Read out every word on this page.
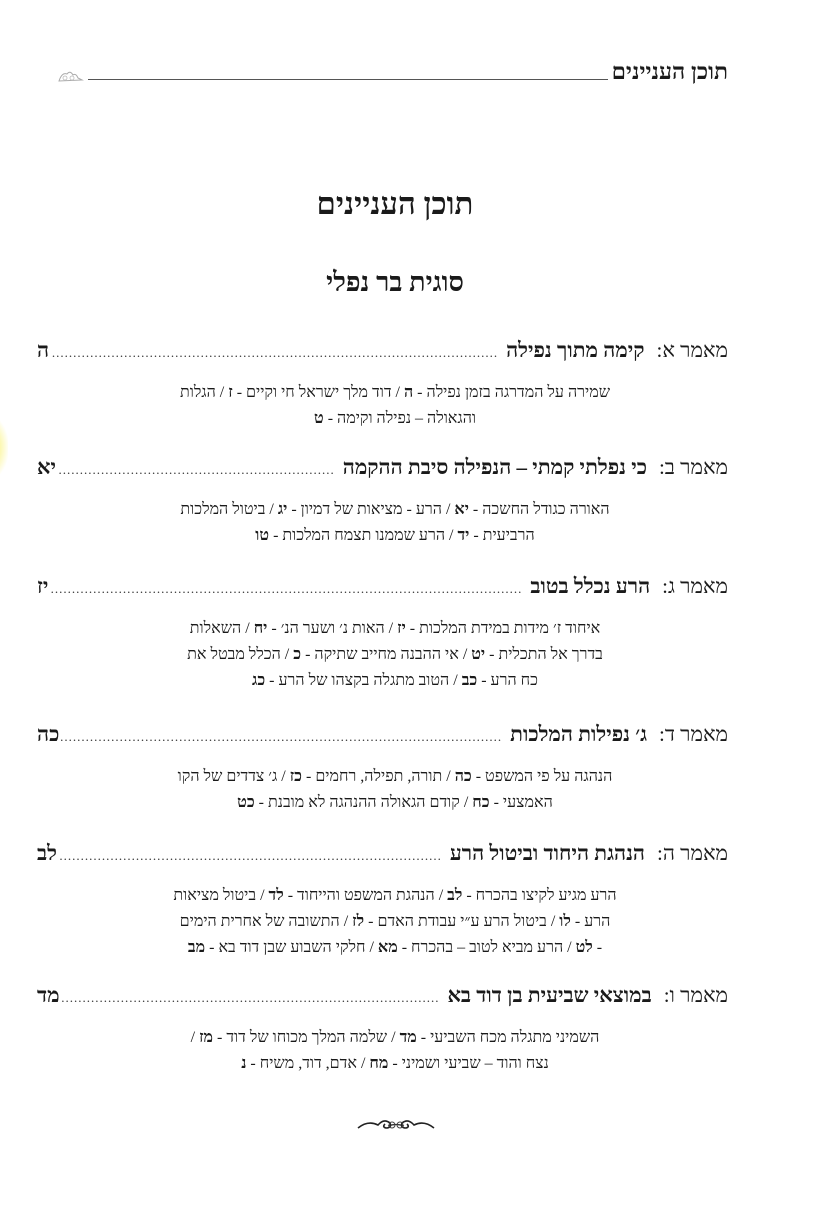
תוכן העניינים
תוכן העניינים
סוגית בר נפלי
מאמר א:
קימה מתוך נפילה
.....
ה
שמירה על המדרגה בזמן נפילה - ה / דוד מלך ישראל חי וקיים - ז / הגלות
והגאולה – נפילה וקימה - ט
מאמר ב:
כי נפלתי קמתי – הנפילה סיבת ההקמה
.....
יא
האורה כגודל החשכה - יא / הרע - מציאות של דמיון - יג / ביטול המלכות
הרביעית - יד / הרע שממנו תצמח המלכות - טו
מאמר ג:
הרע נכלל בטוב
.....
יז
איחוד ז׳ מידות במידת המלכות - יז / האות נ׳ ושער הנ׳ - יח / השאלות
בדרך אל התכלית - יט / אי ההבנה מחייב שתיקה - כ / הכלל מבטל את
כח הרע - כב / הטוב מתגלה בקצהו של הרע - כג
מאמר ד:
ג׳ נפילות המלכות
.....
כה
הנהגה על פי המשפט - כה / תורה, תפילה, רחמים - כז / ג׳ צדדים של הקו
האמצעי - כח / קודם הגאולה ההנהגה לא מובנת - כט
מאמר ה:
הנהגת היחוד וביטול הרע
.....
לב
הרע מגיע לקיצו בהכרח - לב / הנהגת המשפט והייחוד - לד / ביטול מציאות
הרע - לו / ביטול הרע ע״י עבודת האדם - לז / התשובה של אחרית הימים
- לט / הרע מביא לטוב – בהכרח - מא / חלקי השבוע שבן דוד בא - מב
מאמר ו:
במוצאי שביעית בן דוד בא
.....
מד
השמיני מתגלה מכח השביעי - מד / שלמה המלך מכוחו של דוד - מז /
נצח והוד – שביעי ושמיני - מח / אדם, דוד, משיח - נ
